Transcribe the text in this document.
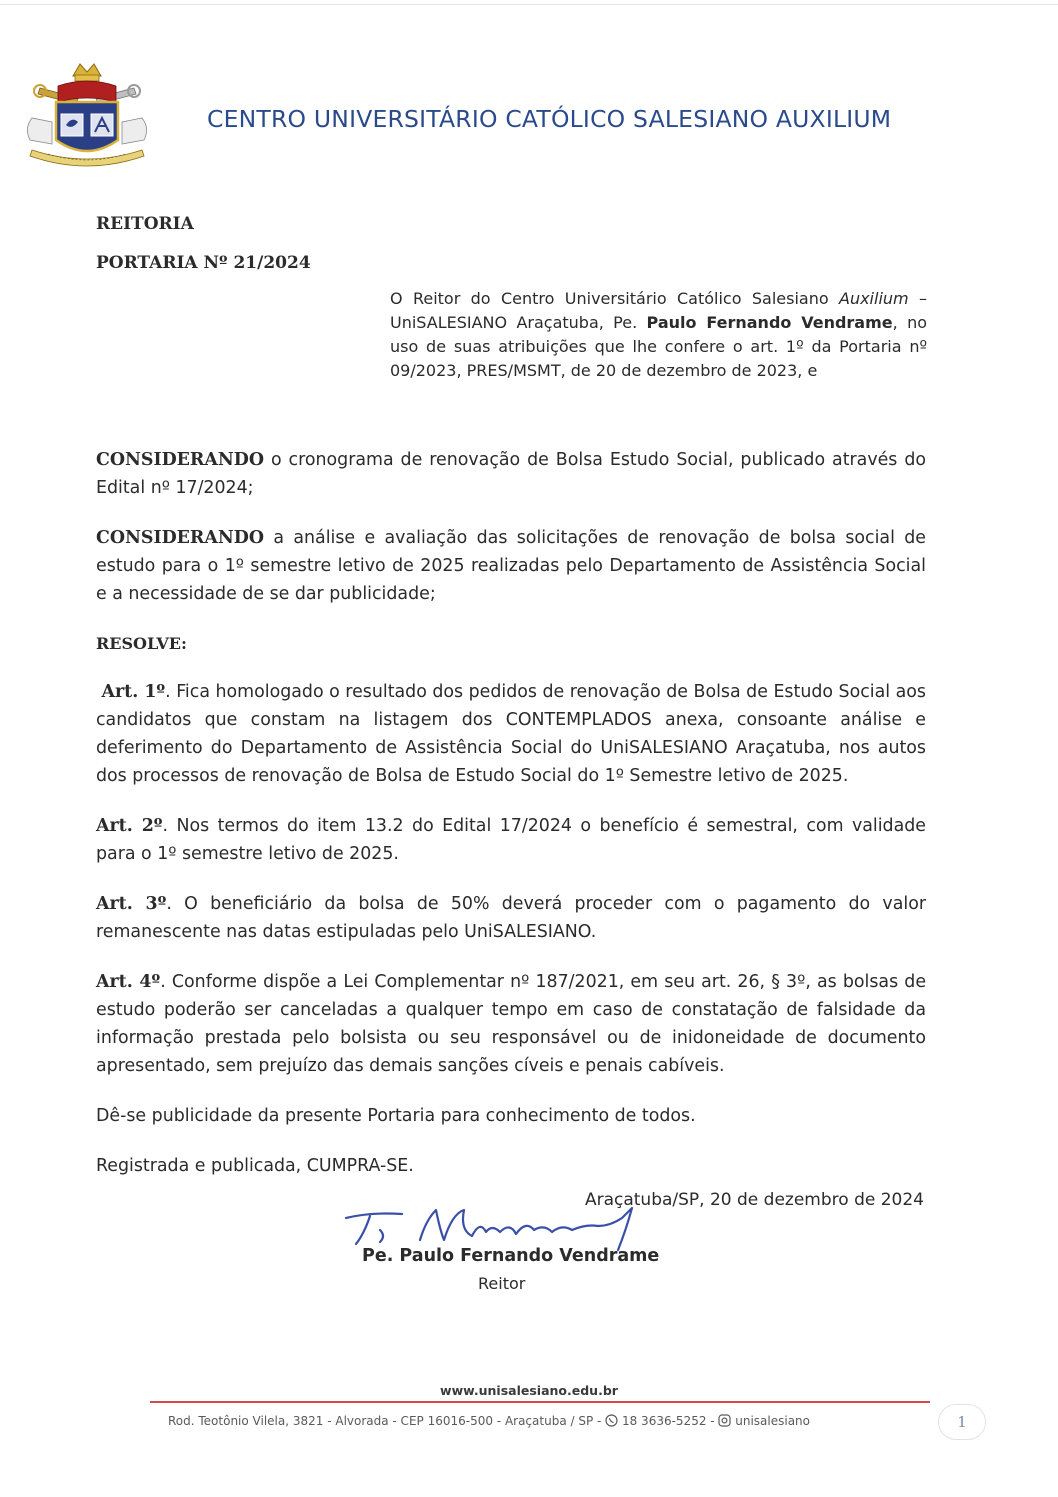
CENTRO UNIVERSITÁRIO CATÓLICO SALESIANO AUXILIUM
REITORIA
PORTARIA Nº 21/2024

O Reitor do Centro Universitário Católico Salesiano Auxilium – UniSALESIANO Araçatuba, Pe. Paulo Fernando Vendrame, no uso de suas atribuições que lhe confere o art. 1º da Portaria nº 09/2023, PRES/MSMT, de 20 de dezembro de 2023, e

CONSIDERANDO o cronograma de renovação de Bolsa Estudo Social, publicado através do Edital nº 17/2024;

CONSIDERANDO a análise e avaliação das solicitações de renovação de bolsa social de estudo para o 1º semestre letivo de 2025 realizadas pelo Departamento de Assistência Social e a necessidade de se dar publicidade;

RESOLVE:

Art. 1º. Fica homologado o resultado dos pedidos de renovação de Bolsa de Estudo Social aos candidatos que constam na listagem dos CONTEMPLADOS anexa, consoante análise e deferimento do Departamento de Assistência Social do UniSALESIANO Araçatuba, nos autos dos processos de renovação de Bolsa de Estudo Social do 1º Semestre letivo de 2025.

Art. 2º. Nos termos do item 13.2 do Edital 17/2024 o benefício é semestral, com validade para o 1º semestre letivo de 2025.

Art. 3º. O beneficiário da bolsa de 50% deverá proceder com o pagamento do valor remanescente nas datas estipuladas pelo UniSALESIANO.

Art. 4º. Conforme dispõe a Lei Complementar nº 187/2021, em seu art. 26, § 3º, as bolsas de estudo poderão ser canceladas a qualquer tempo em caso de constatação de falsidade da informação prestada pelo bolsista ou seu responsável ou de inidoneidade de documento apresentado, sem prejuízo das demais sanções cíveis e penais cabíveis.

Dê-se publicidade da presente Portaria para conhecimento de todos.

Registrada e publicada, CUMPRA-SE.

Araçatuba/SP, 20 de dezembro de 2024
Pe. Paulo Fernando Vendrame
Reitor
www.unisalesiano.edu.br
Rod. Teotônio Vilela, 3821 - Alvorada - CEP 16016-500 - Araçatuba / SP -  18 3636-5252 -  unisalesiano	1
